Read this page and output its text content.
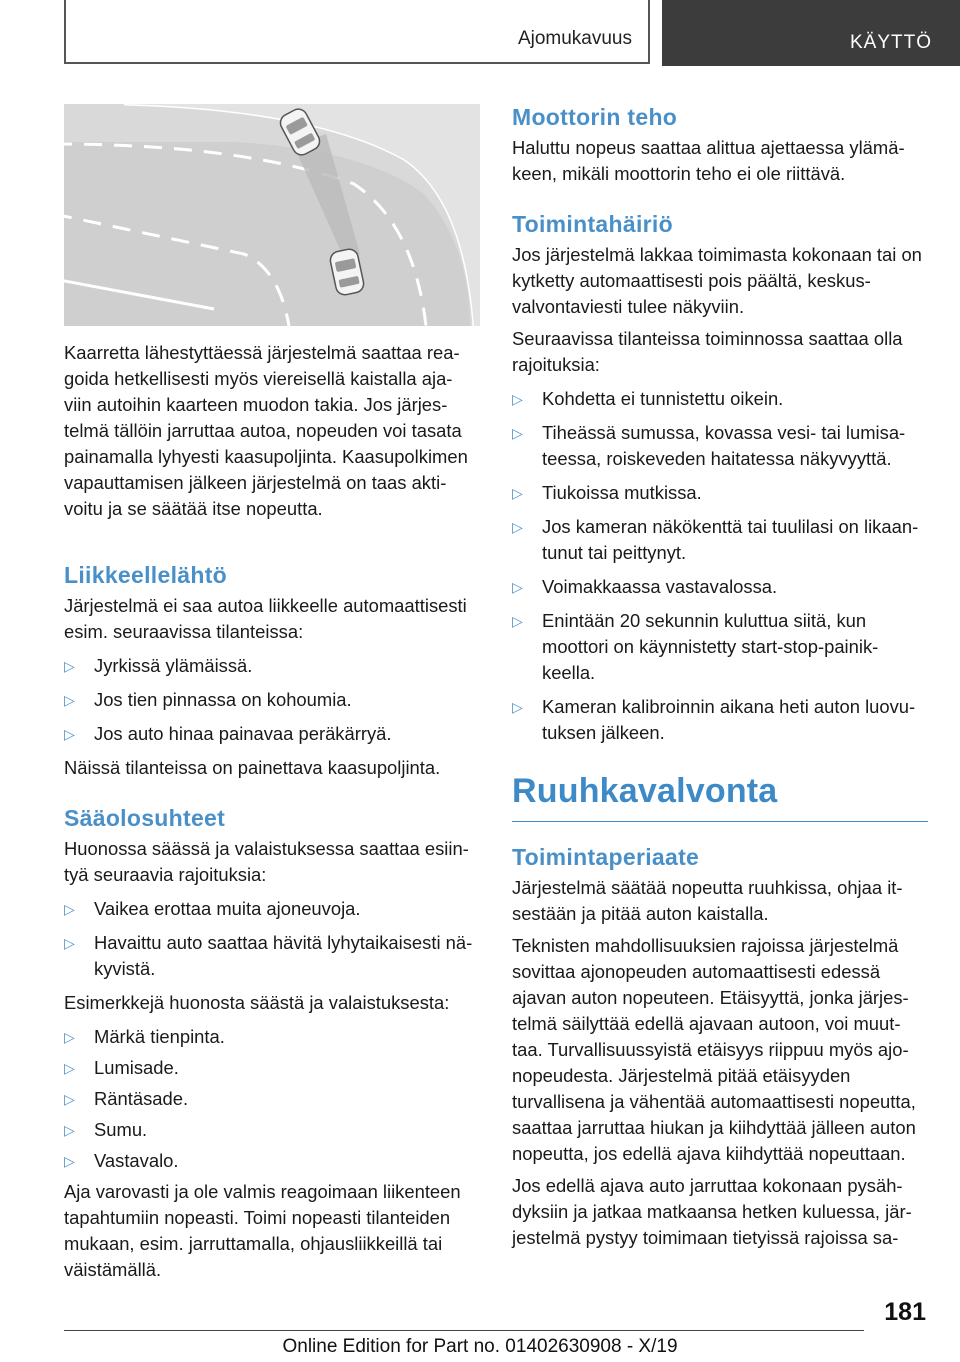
Ajomukavuus	KÄYTTÖ

Kaarretta lähestyttäessä järjestelmä saattaa rea‐ goida hetkellisesti myös viereisellä kaistalla aja‐ viin autoihin kaarteen muodon takia. Jos järjes‐ telmä tällöin jarruttaa autoa, nopeuden voi tasata painamalla lyhyesti kaasupoljinta. Kaasupolkimen vapauttamisen jälkeen järjestelmä on taas akti‐ voitu ja se säätää itse nopeutta.

Liikkeellelähtö

Järjestelmä ei saa autoa liikkeelle automaattisesti esim. seuraavissa tilanteissa:

▷ Jyrkissä ylämäissä.
▷ Jos tien pinnassa on kohoumia.
▷ Jos auto hinaa painavaa peräkärryä.

Näissä tilanteissa on painettava kaasupoljinta.

Sääolosuhteet

Huonossa säässä ja valaistuksessa saattaa esiin‐ tyä seuraavia rajoituksia:

▷ Vaikea erottaa muita ajoneuvoja.
▷ Havaittu auto saattaa hävitä lyhytaikaisesti nä‐ kyvistä.

Esimerkkejä huonosta säästä ja valaistuksesta:

▷ Märkä tienpinta.
▷ Lumisade.
▷ Räntäsade.
▷ Sumu.
▷ Vastavalo.

Aja varovasti ja ole valmis reagoimaan liikenteen tapahtumiin nopeasti. Toimi nopeasti tilanteiden mukaan, esim. jarruttamalla, ohjausliikkeillä tai väistämällä.

Moottorin teho

Haluttu nopeus saattaa alittua ajettaessa ylämä‐ keen, mikäli moottorin teho ei ole riittävä.

Toimintahäiriö

Jos järjestelmä lakkaa toimimasta kokonaan tai on kytketty automaattisesti pois päältä, keskus‐ valvontaviesti tulee näkyviin.

Seuraavissa tilanteissa toiminnossa saattaa olla rajoituksia:

▷ Kohdetta ei tunnistettu oikein.
▷ Tiheässä sumussa, kovassa vesi- tai lumisa‐ teessa, roiskeveden haitatessa näkyvyyttä.
▷ Tiukoissa mutkissa.
▷ Jos kameran näkökenttä tai tuulilasi on likaan‐ tunut tai peittynyt.
▷ Voimakkaassa vastavalossa.
▷ Enintään 20 sekunnin kuluttua siitä, kun moottori on käynnistetty start-stop-painik‐ keella.
▷ Kameran kalibroinnin aikana heti auton luovu‐ tuksen jälkeen.
Ruuhkavalvonta
Toimintaperiaate

Järjestelmä säätää nopeutta ruuhkissa, ohjaa it‐ sestään ja pitää auton kaistalla.

Teknisten mahdollisuuksien rajoissa järjestelmä sovittaa ajonopeuden automaattisesti edessä ajavan auton nopeuteen. Etäisyyttä, jonka järjes‐ telmä säilyttää edellä ajavaan autoon, voi muut‐ taa. Turvallisuussyistä etäisyys riippuu myös ajo‐ nopeudesta. Järjestelmä pitää etäisyyden turvallisena ja vähentää automaattisesti nopeutta, saattaa jarruttaa hiukan ja kiihdyttää jälleen auton nopeutta, jos edellä ajava kiihdyttää nopeuttaan.

Jos edellä ajava auto jarruttaa kokonaan pysäh‐ dyksiin ja jatkaa matkaansa hetken kuluessa, jär‐ jestelmä pystyy toimimaan tietyissä rajoissa sa‐

181
Online Edition for Part no. 01402630908 - X/19
